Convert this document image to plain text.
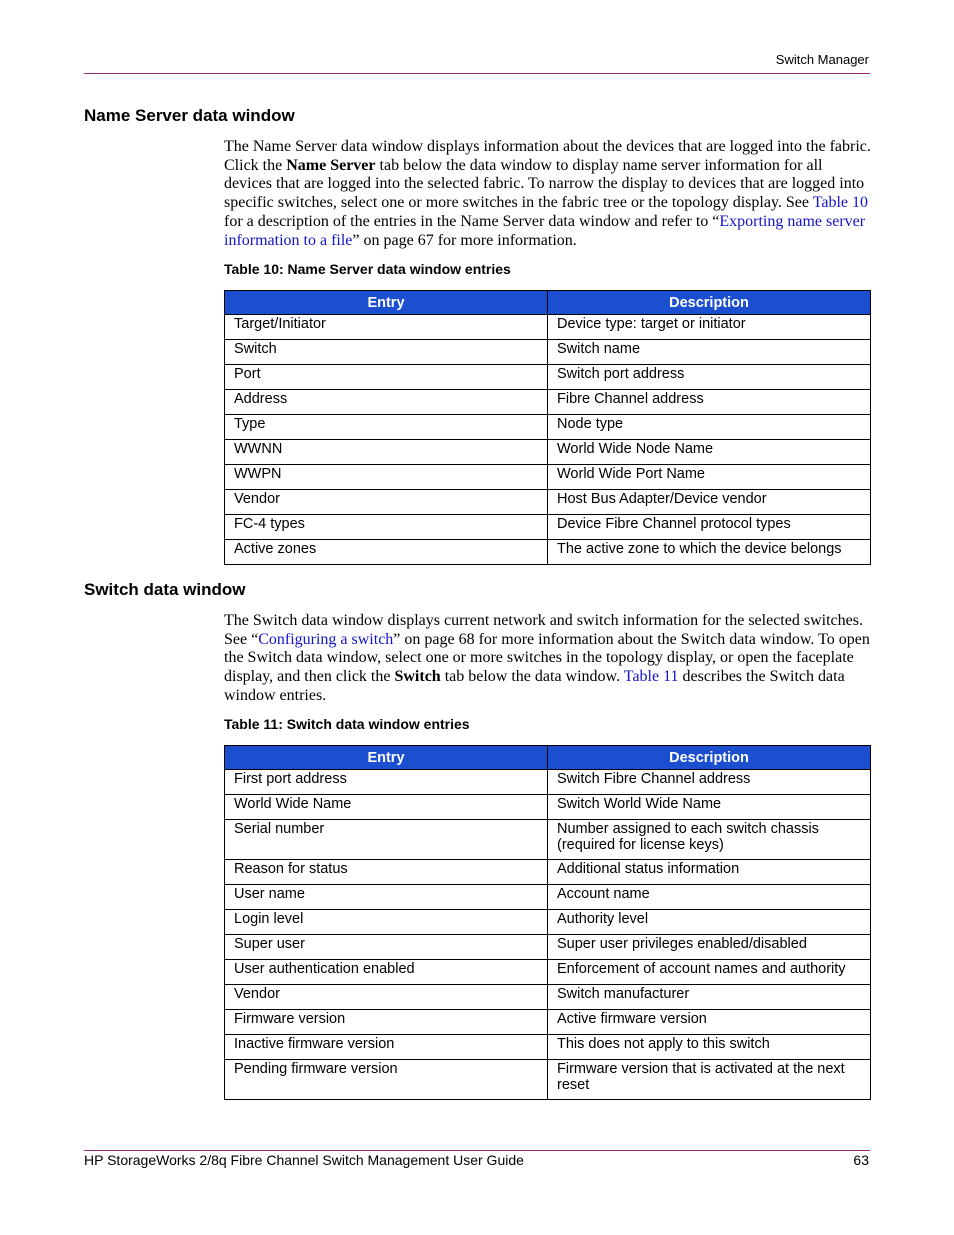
Switch Manager
Name Server data window
The Name Server data window displays information about the devices that are logged into the fabric. Click the Name Server tab below the data window to display name server information for all devices that are logged into the selected fabric. To narrow the display to devices that are logged into specific switches, select one or more switches in the fabric tree or the topology display. See Table 10 for a description of the entries in the Name Server data window and refer to “Exporting name server information to a file” on page 67 for more information.
Table 10: Name Server data window entries
Entry	Description
Target/Initiator	Device type: target or initiator
Switch	Switch name
Port	Switch port address
Address	Fibre Channel address
Type	Node type
WWNN	World Wide Node Name
WWPN	World Wide Port Name
Vendor	Host Bus Adapter/Device vendor
FC-4 types	Device Fibre Channel protocol types
Active zones	The active zone to which the device belongs
Switch data window
The Switch data window displays current network and switch information for the selected switches. See “Configuring a switch” on page 68 for more information about the Switch data window. To open the Switch data window, select one or more switches in the topology display, or open the faceplate display, and then click the Switch tab below the data window. Table 11 describes the Switch data window entries.
Table 11: Switch data window entries
Entry	Description
First port address	Switch Fibre Channel address
World Wide Name	Switch World Wide Name
Serial number	Number assigned to each switch chassis (required for license keys)
Reason for status	Additional status information
User name	Account name
Login level	Authority level
Super user	Super user privileges enabled/disabled
User authentication enabled	Enforcement of account names and authority
Vendor	Switch manufacturer
Firmware version	Active firmware version
Inactive firmware version	This does not apply to this switch
Pending firmware version	Firmware version that is activated at the next reset
HP StorageWorks 2/8q Fibre Channel Switch Management User Guide	63
